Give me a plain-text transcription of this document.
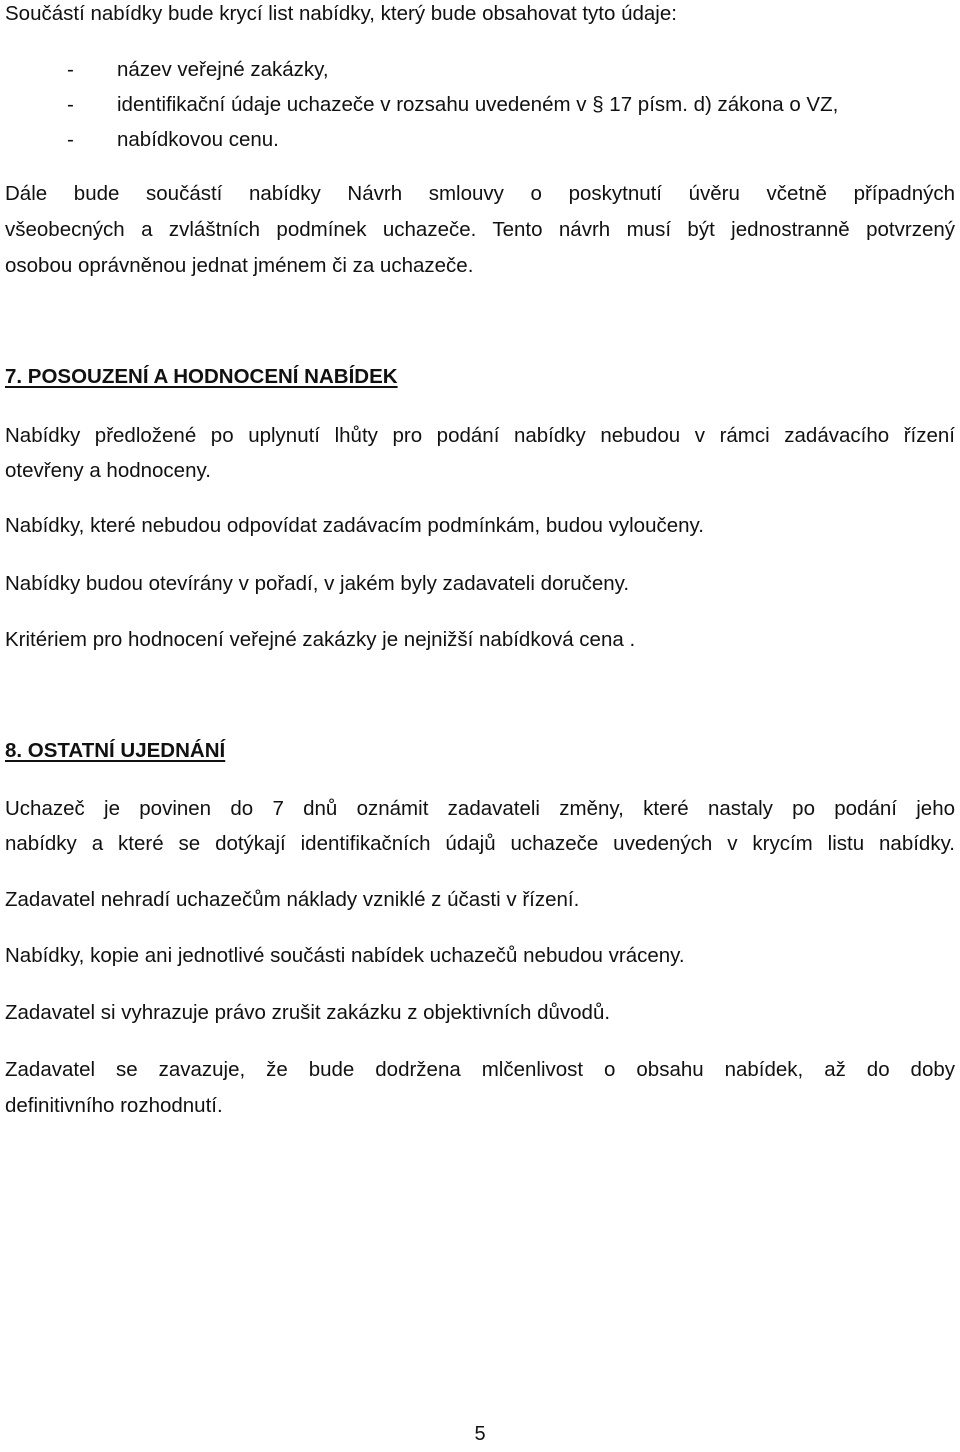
Součástí nabídky bude krycí list nabídky, který bude obsahovat tyto údaje:
- název veřejné zakázky,
- identifikační údaje uchazeče v rozsahu uvedeném v § 17 písm. d) zákona o VZ,
- nabídkovou cenu.
Dále bude součástí nabídky Návrh smlouvy o poskytnutí úvěru včetně případných
všeobecných a zvláštních podmínek uchazeče. Tento návrh musí být jednostranně potvrzený
osobou oprávněnou jednat jménem či za uchazeče.
7. POSOUZENÍ A HODNOCENÍ NABÍDEK
Nabídky předložené po uplynutí lhůty pro podání nabídky nebudou v rámci zadávacího řízení
otevřeny a hodnoceny.
Nabídky, které nebudou odpovídat zadávacím podmínkám, budou vyloučeny.
Nabídky budou otevírány v pořadí, v jakém byly zadavateli doručeny.
Kritériem pro hodnocení veřejné zakázky je nejnižší nabídková cena .
8. OSTATNÍ UJEDNÁNÍ
Uchazeč je povinen do 7 dnů oznámit zadavateli změny, které nastaly po podání jeho
nabídky a které se dotýkají identifikačních údajů uchazeče uvedených v krycím listu nabídky.
Zadavatel nehradí uchazečům náklady vzniklé z účasti v řízení.
Nabídky, kopie ani jednotlivé součásti nabídek uchazečů nebudou vráceny.
Zadavatel si vyhrazuje právo zrušit zakázku z objektivních důvodů.
Zadavatel se zavazuje, že bude dodržena mlčenlivost o obsahu nabídek, až do doby
definitivního rozhodnutí.
5
